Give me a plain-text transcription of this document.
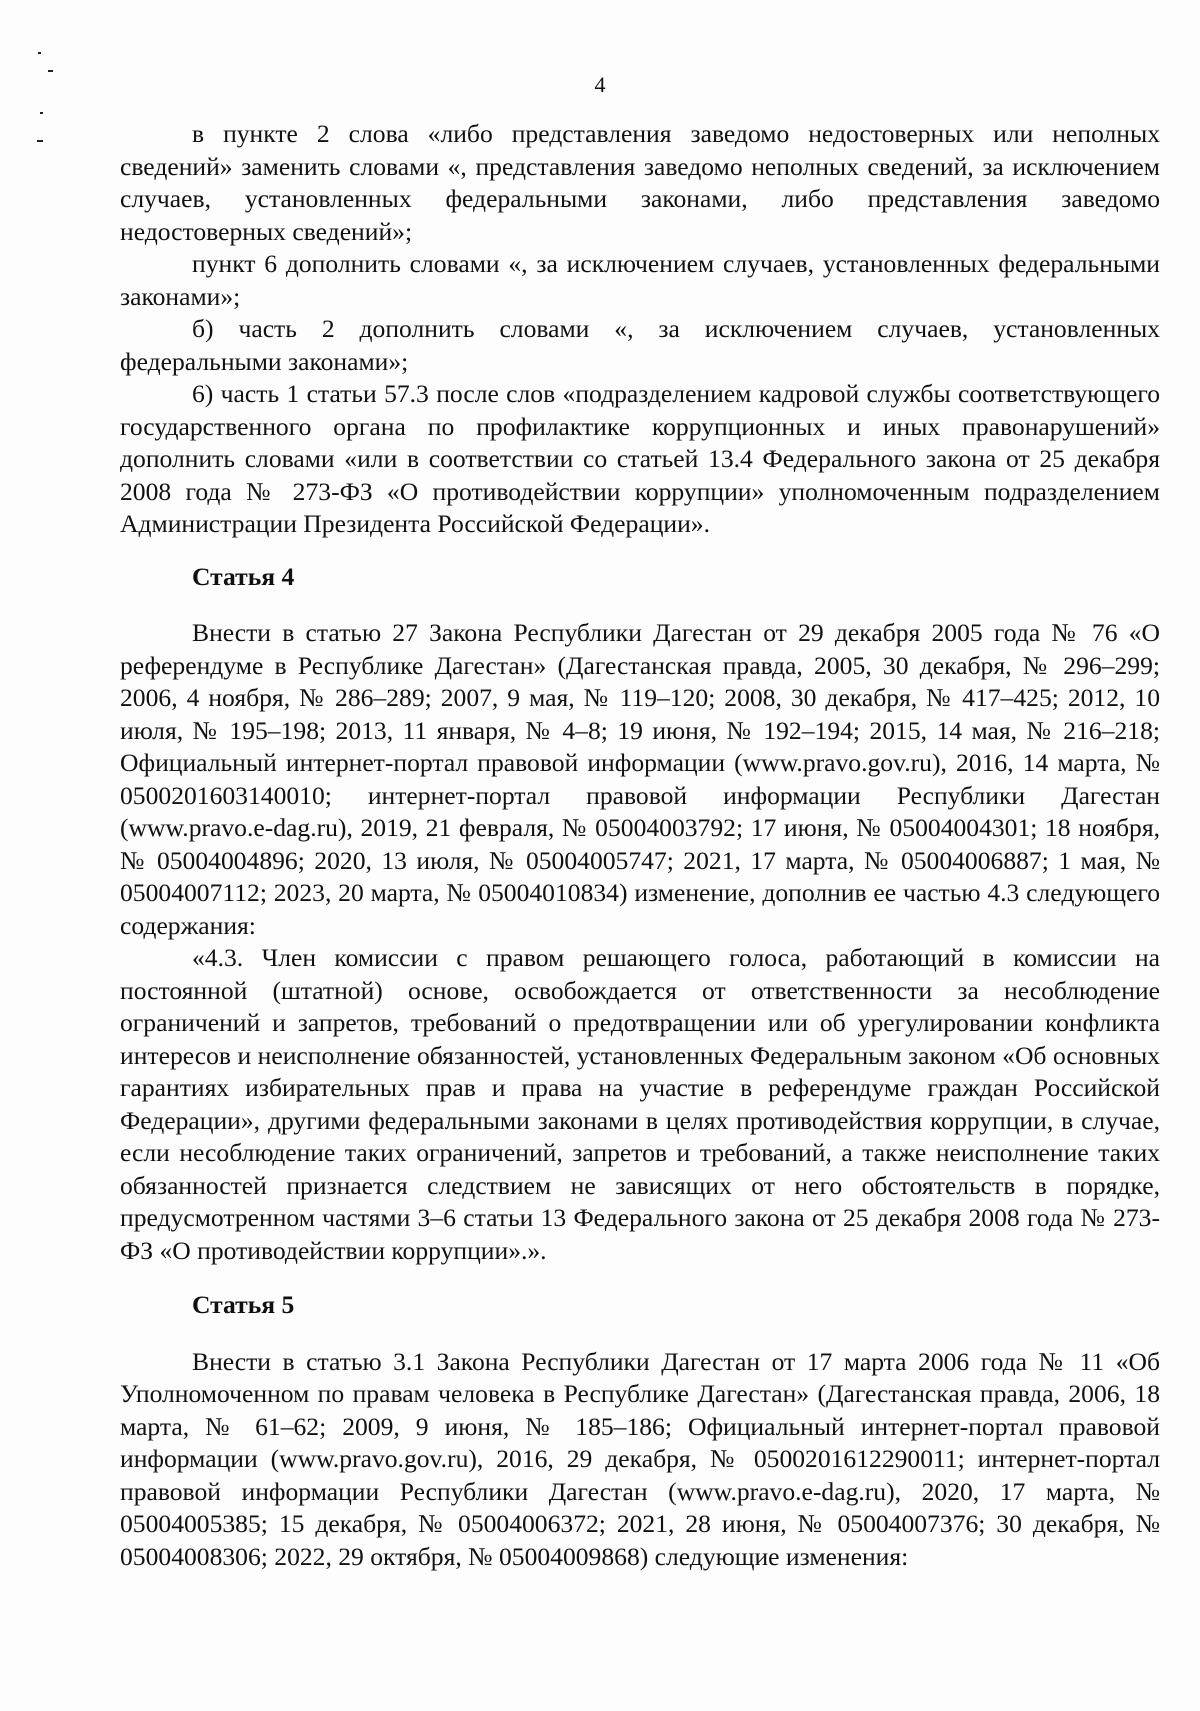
4

в пункте 2 слова «либо представления заведомо недостоверных или неполных сведений» заменить словами «, представления заведомо неполных сведений, за исключением случаев, установленных федеральными законами, либо представления заведомо недостоверных сведений»;

пункт 6 дополнить словами «, за исключением случаев, установленных федеральными законами»;

б) часть 2 дополнить словами «, за исключением случаев, установленных федеральными законами»;

6) часть 1 статьи 57.3 после слов «подразделением кадровой службы соответствующего государственного органа по профилактике коррупционных и иных правонарушений» дополнить словами «или в соответствии со статьей 13.4 Федерального закона от 25 декабря 2008 года № 273-ФЗ «О противодействии коррупции» уполномоченным подразделением Администрации Президента Российской Федерации».

Статья 4

Внести в статью 27 Закона Республики Дагестан от 29 декабря 2005 года № 76 «О референдуме в Республике Дагестан» (Дагестанская правда, 2005, 30 декабря, № 296–299; 2006, 4 ноября, № 286–289; 2007, 9 мая, № 119–120; 2008, 30 декабря, № 417–425; 2012, 10 июля, № 195–198; 2013, 11 января, № 4–8; 19 июня, № 192–194; 2015, 14 мая, № 216–218; Официальный интернет-портал правовой информации (www.pravo.gov.ru), 2016, 14 марта, № 0500201603140010; интернет-портал правовой информации Республики Дагестан (www.pravo.e-dag.ru), 2019, 21 февраля, № 05004003792; 17 июня, № 05004004301; 18 ноября, № 05004004896; 2020, 13 июля, № 05004005747; 2021, 17 марта, № 05004006887; 1 мая, № 05004007112; 2023, 20 марта, № 05004010834) изменение, дополнив ее частью 4.3 следующего содержания:

«4.3. Член комиссии с правом решающего голоса, работающий в комиссии на постоянной (штатной) основе, освобождается от ответственности за несоблюдение ограничений и запретов, требований о предотвращении или об урегулировании конфликта интересов и неисполнение обязанностей, установленных Федеральным законом «Об основных гарантиях избирательных прав и права на участие в референдуме граждан Российской Федерации», другими федеральными законами в целях противодействия коррупции, в случае, если несоблюдение таких ограничений, запретов и требований, а также неисполнение таких обязанностей признается следствием не зависящих от него обстоятельств в порядке, предусмотренном частями 3–6 статьи 13 Федерального закона от 25 декабря 2008 года № 273-ФЗ «О противодействии коррупции».».

Статья 5

Внести в статью 3.1 Закона Республики Дагестан от 17 марта 2006 года № 11 «Об Уполномоченном по правам человека в Республике Дагестан» (Дагестанская правда, 2006, 18 марта, № 61–62; 2009, 9 июня, № 185–186; Официальный интернет-портал правовой информации (www.pravo.gov.ru), 2016, 29 декабря, № 0500201612290011; интернет-портал правовой информации Республики Дагестан (www.pravo.e-dag.ru), 2020, 17 марта, № 05004005385; 15 декабря, № 05004006372; 2021, 28 июня, № 05004007376; 30 декабря, № 05004008306; 2022, 29 октября, № 05004009868) следующие изменения:
